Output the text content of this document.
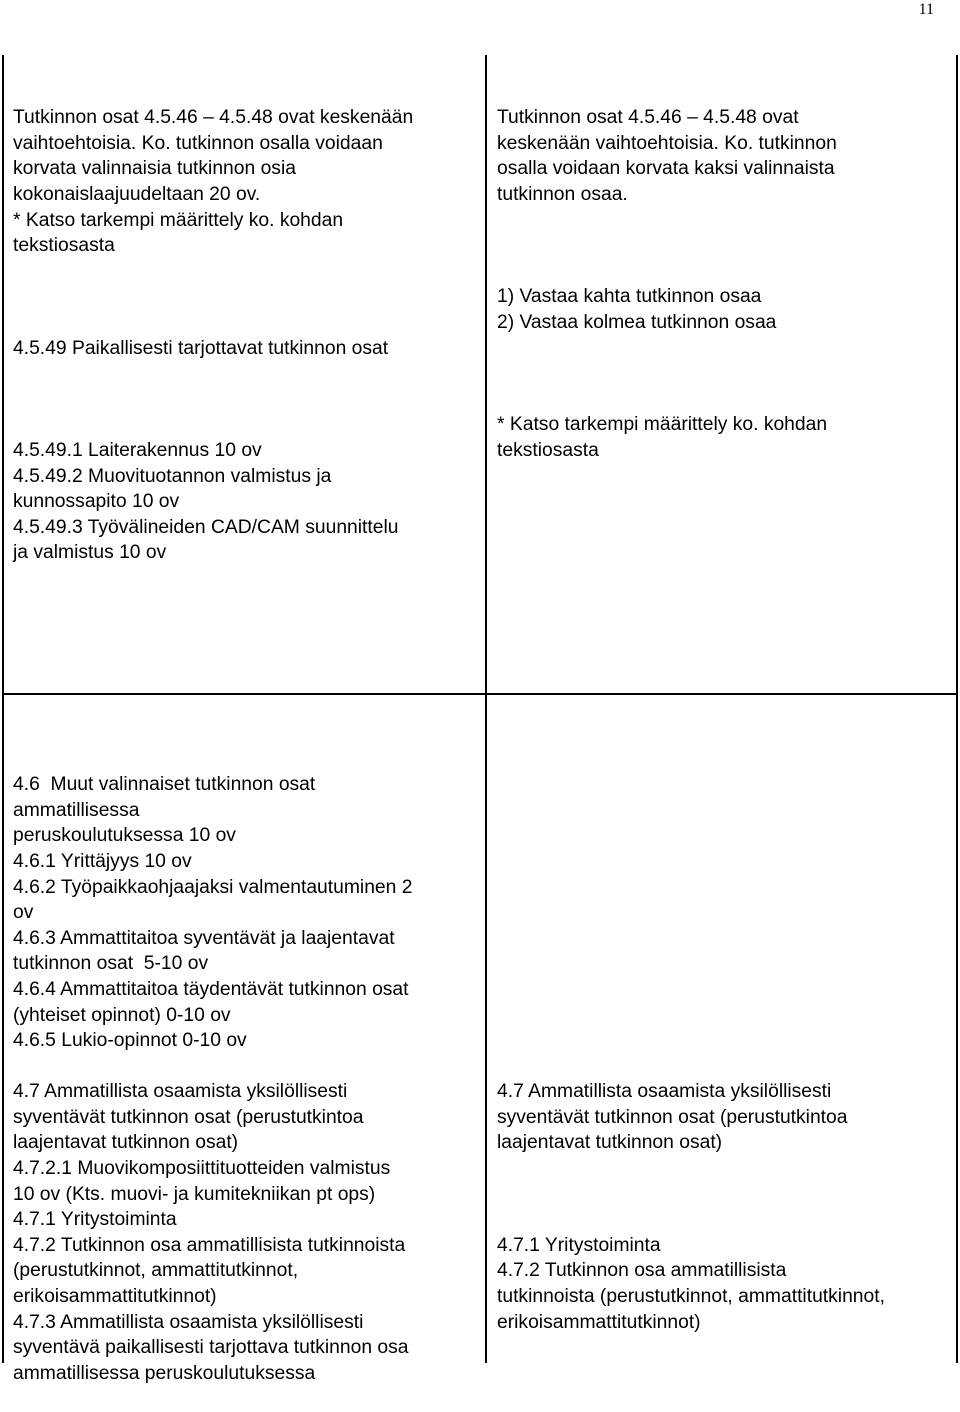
11

Tutkinnon osat 4.5.46 – 4.5.48 ovat keskenään
vaihtoehtoisia. Ko. tutkinnon osalla voidaan
korvata valinnaisia tutkinnon osia
kokonaislaajuudeltaan 20 ov.
* Katso tarkempi määrittely ko. kohdan
tekstiosasta

4.5.49 Paikallisesti tarjottavat tutkinnon osat

4.5.49.1 Laiterakennus 10 ov
4.5.49.2 Muovituotannon valmistus ja
kunnossapito 10 ov
4.5.49.3 Työvälineiden CAD/CAM suunnittelu
ja valmistus 10 ov

Tutkinnon osat 4.5.46 – 4.5.48 ovat
keskenään vaihtoehtoisia. Ko. tutkinnon
osalla voidaan korvata kaksi valinnaista
tutkinnon osaa.

1) Vastaa kahta tutkinnon osaa
2) Vastaa kolmea tutkinnon osaa

* Katso tarkempi määrittely ko. kohdan
tekstiosasta

4.6  Muut valinnaiset tutkinnon osat
ammatillisessa
peruskoulutuksessa 10 ov
4.6.1 Yrittäjyys 10 ov
4.6.2 Työpaikkaohjaajaksi valmentautuminen 2
ov
4.6.3 Ammattitaitoa syventävät ja laajentavat
tutkinnon osat  5-10 ov
4.6.4 Ammattitaitoa täydentävät tutkinnon osat
(yhteiset opinnot) 0-10 ov
4.6.5 Lukio-opinnot 0-10 ov

4.7 Ammatillista osaamista yksilöllisesti
syventävät tutkinnon osat (perustutkintoa
laajentavat tutkinnon osat)
4.7.2.1 Muovikomposiittituotteiden valmistus
10 ov (Kts. muovi- ja kumitekniikan pt ops)
4.7.1 Yritystoiminta
4.7.2 Tutkinnon osa ammatillisista tutkinnoista
(perustutkinnot, ammattitutkinnot,
erikoisammattitutkinnot)
4.7.3 Ammatillista osaamista yksilöllisesti
syventävä paikallisesti tarjottava tutkinnon osa
ammatillisessa peruskoulutuksessa

4.7 Ammatillista osaamista yksilöllisesti
syventävät tutkinnon osat (perustutkintoa
laajentavat tutkinnon osat)

4.7.1 Yritystoiminta
4.7.2 Tutkinnon osa ammatillisista
tutkinnoista (perustutkinnot, ammattitutkinnot,
erikoisammattitutkinnot)
